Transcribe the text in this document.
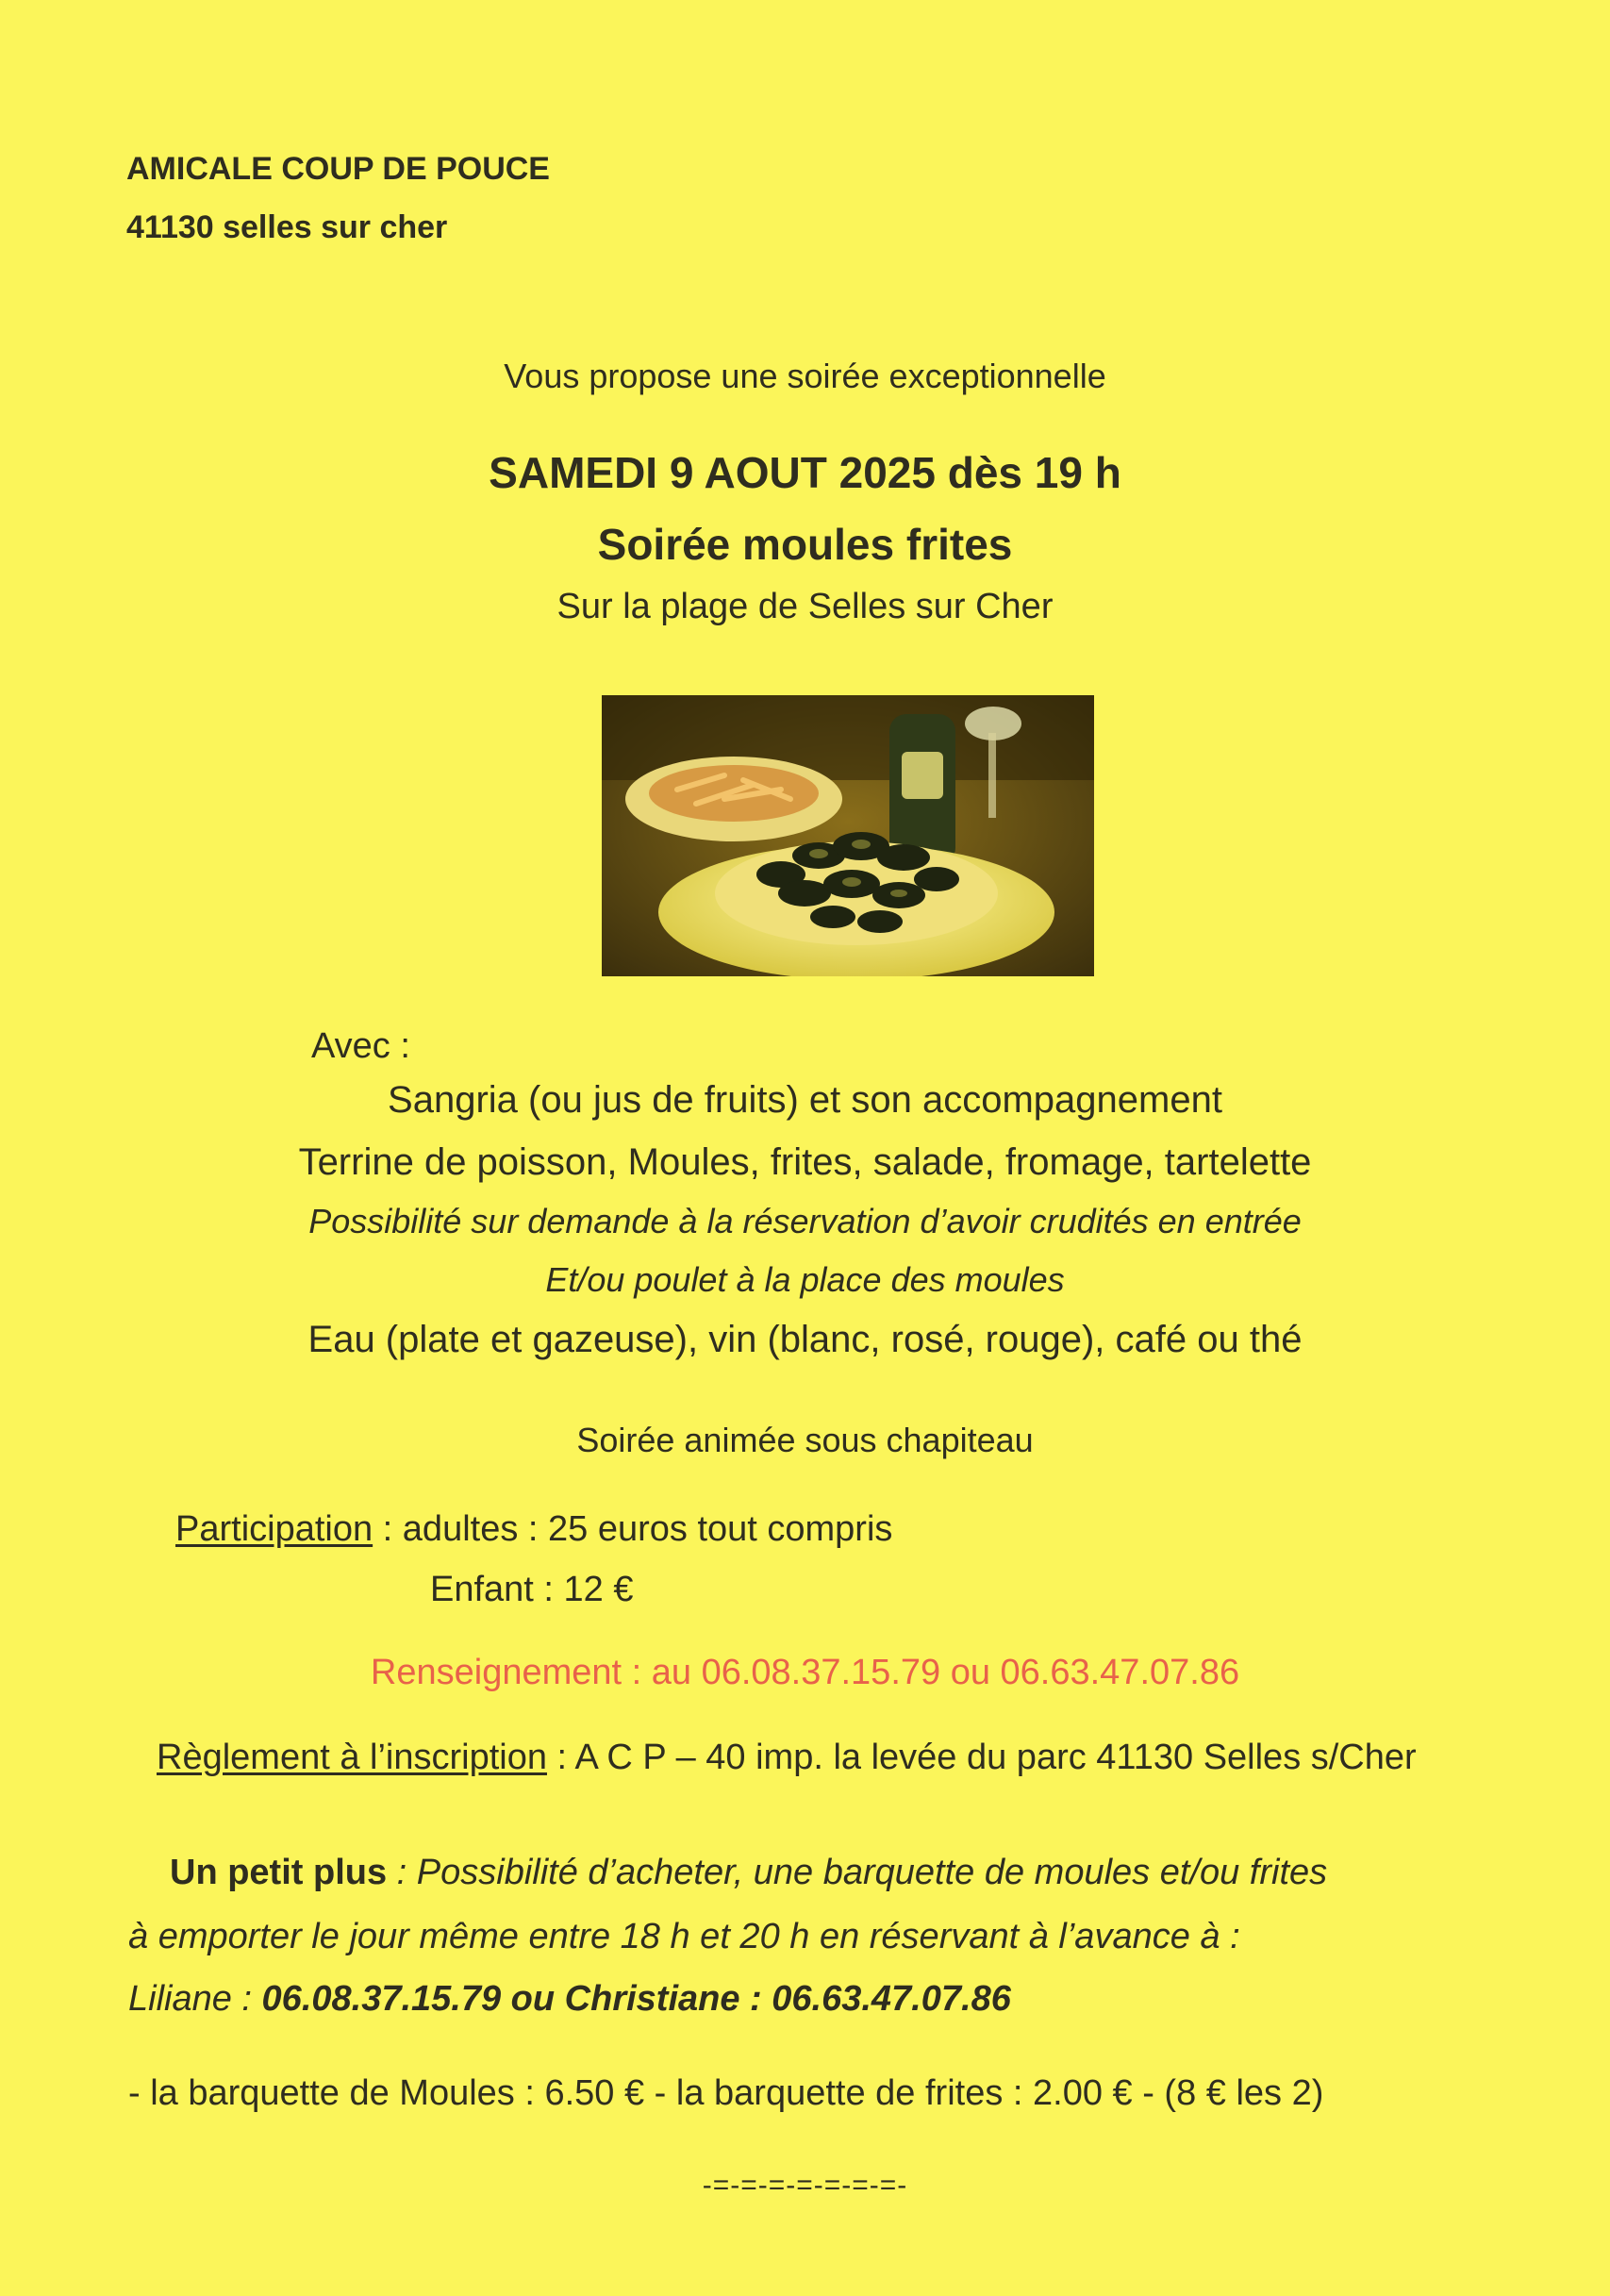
AMICALE COUP DE POUCE
41130 selles sur cher
Vous propose une soirée exceptionnelle
SAMEDI 9 AOUT 2025 dès 19 h
Soirée moules frites
Sur la plage de Selles sur Cher
Avec :
Sangria (ou jus de fruits) et son accompagnement
Terrine de poisson, Moules, frites, salade, fromage, tartelette
Possibilité sur demande à la réservation d’avoir crudités en entrée
Et/ou poulet à la place des moules
Eau (plate et gazeuse), vin (blanc, rosé, rouge), café ou thé
Soirée animée sous chapiteau
Participation : adultes : 25 euros tout compris
Enfant : 12 €
Renseignement : au 06.08.37.15.79 ou 06.63.47.07.86
Règlement à l’inscription : A C P – 40 imp. la levée du parc 41130 Selles s/Cher
Un petit plus : Possibilité d’acheter, une barquette de moules et/ou frites
à emporter le jour même entre 18 h et 20 h en réservant à l’avance à :
Liliane : 06.08.37.15.79 ou Christiane : 06.63.47.07.86
- la barquette de Moules : 6.50 € - la barquette de frites : 2.00 € - (8 € les 2)
-=-=-=-=-=-=-=-
